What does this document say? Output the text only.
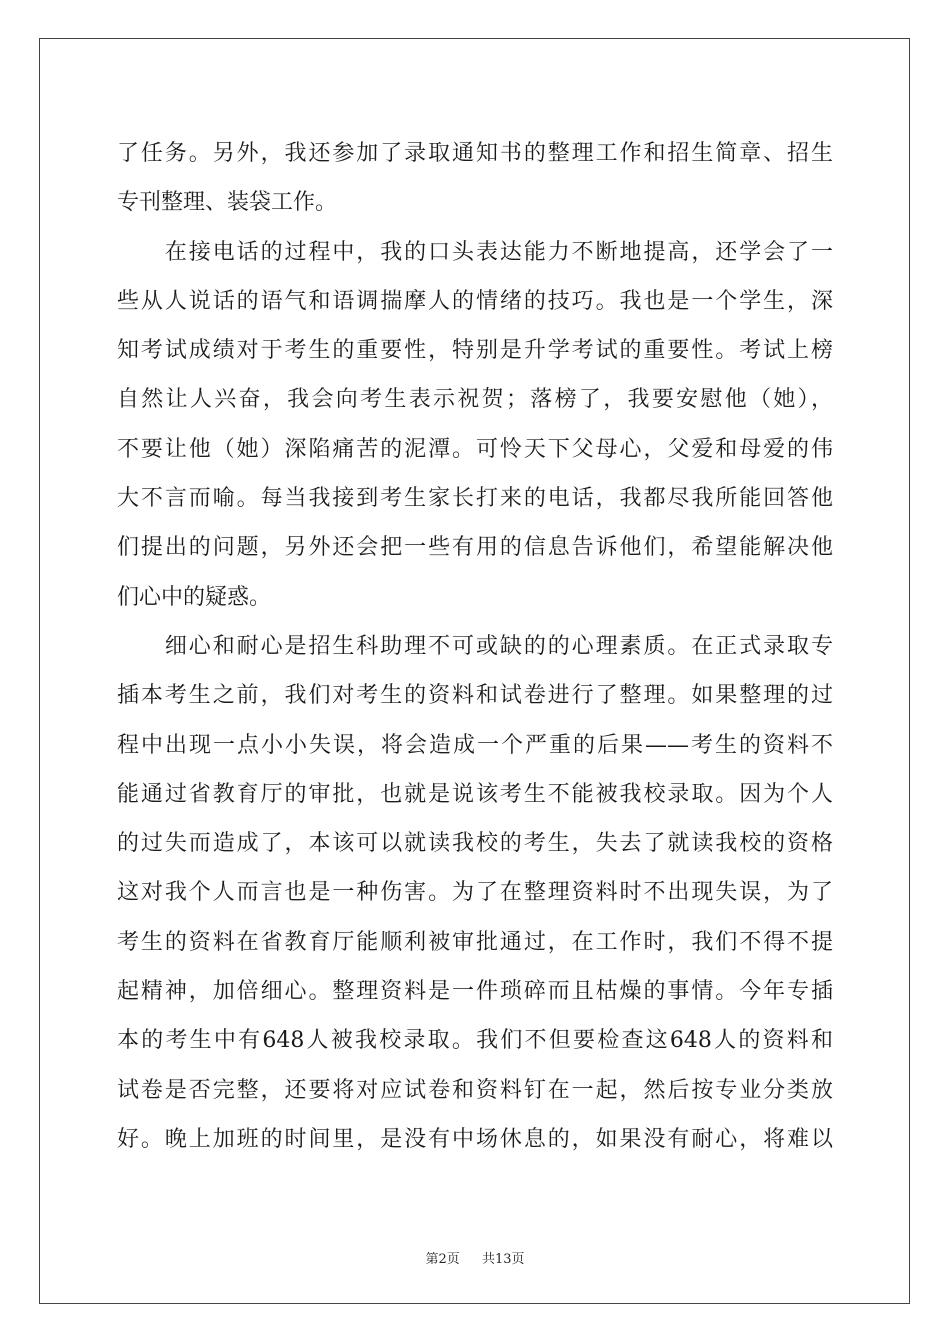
了任务。另外，我还参加了录取通知书的整理工作和招生简章、招生
专刊整理、装袋工作。
　　在接电话的过程中，我的口头表达能力不断地提高，还学会了一
些从人说话的语气和语调揣摩人的情绪的技巧。我也是一个学生，深
知考试成绩对于考生的重要性，特别是升学考试的重要性。考试上榜
自然让人兴奋，我会向考生表示祝贺；落榜了，我要安慰他（她），
不要让他（她）深陷痛苦的泥潭。可怜天下父母心，父爱和母爱的伟
大不言而喻。每当我接到考生家长打来的电话，我都尽我所能回答他
们提出的问题，另外还会把一些有用的信息告诉他们，希望能解决他
们心中的疑惑。
　　细心和耐心是招生科助理不可或缺的的心理素质。在正式录取专
插本考生之前，我们对考生的资料和试卷进行了整理。如果整理的过
程中出现一点小小失误，将会造成一个严重的后果——考生的资料不
能通过省教育厅的审批，也就是说该考生不能被我校录取。因为个人
的过失而造成了，本该可以就读我校的考生，失去了就读我校的资格
这对我个人而言也是一种伤害。为了在整理资料时不出现失误，为了
考生的资料在省教育厅能顺利被审批通过，在工作时，我们不得不提
起精神，加倍细心。整理资料是一件琐碎而且枯燥的事情。今年专插
本的考生中有648人被我校录取。我们不但要检查这648人的资料和
试卷是否完整，还要将对应试卷和资料钉在一起，然后按专业分类放
好。晚上加班的时间里，是没有中场休息的，如果没有耐心，将难以
第2页 共13页
